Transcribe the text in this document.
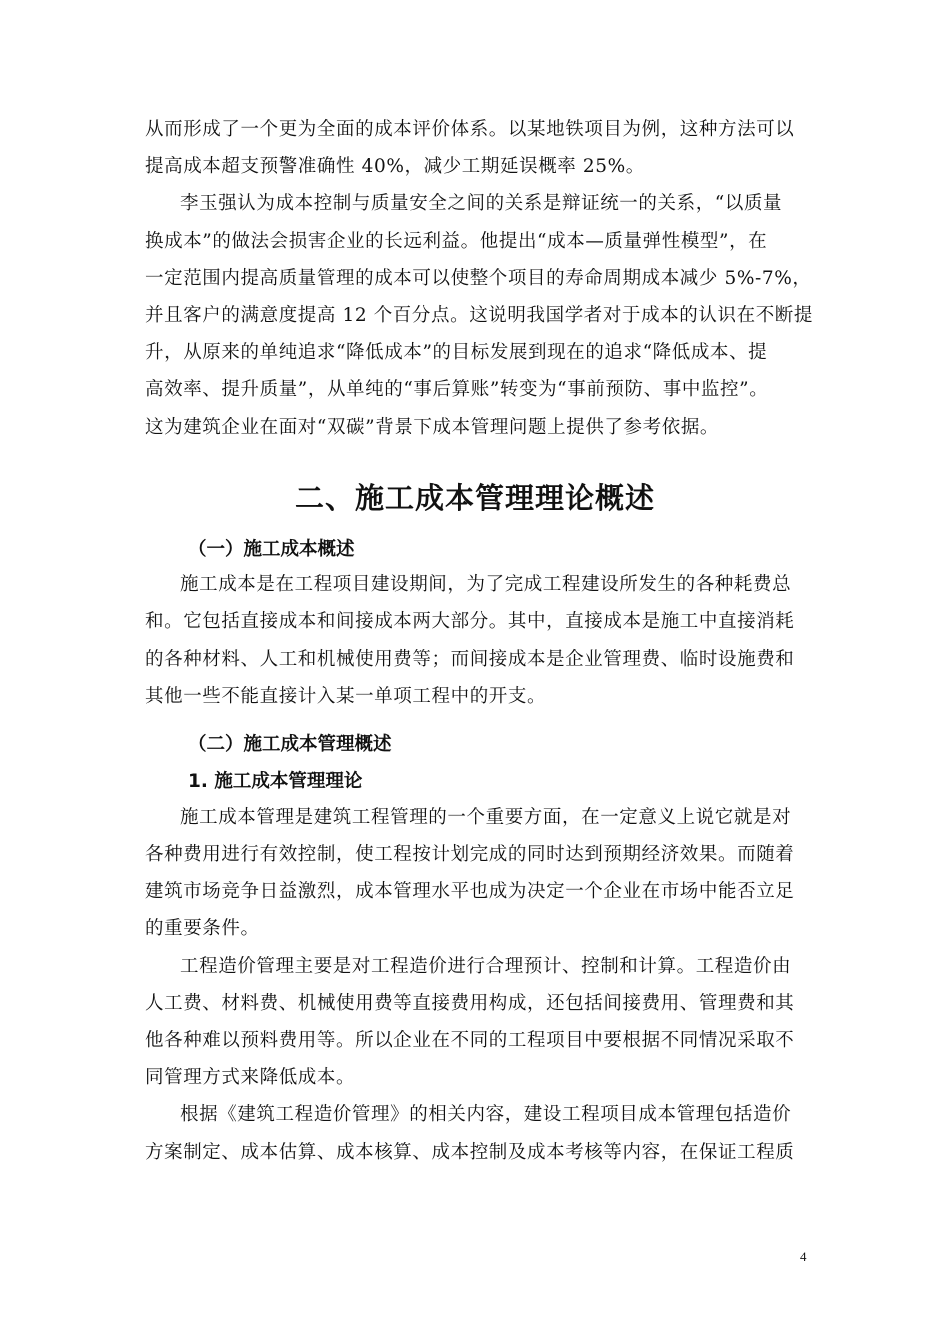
从而形成了一个更为全面的成本评价体系。以某地铁项目为例，这种方法可以
提高成本超支预警准确性 40%，减少工期延误概率 25%。
李玉强认为成本控制与质量安全之间的关系是辩证统一的关系，“以质量
换成本”的做法会损害企业的长远利益。他提出“成本—质量弹性模型”，在
一定范围内提高质量管理的成本可以使整个项目的寿命周期成本减少 5%-7%，
并且客户的满意度提高 12 个百分点。这说明我国学者对于成本的认识在不断提
升，从原来的单纯追求“降低成本”的目标发展到现在的追求“降低成本、提
高效率、提升质量”，从单纯的“事后算账”转变为“事前预防、事中监控”。
这为建筑企业在面对“双碳”背景下成本管理问题上提供了参考依据。
二、施工成本管理理论概述
（一）施工成本概述
施工成本是在工程项目建设期间，为了完成工程建设所发生的各种耗费总
和。它包括直接成本和间接成本两大部分。其中，直接成本是施工中直接消耗
的各种材料、人工和机械使用费等；而间接成本是企业管理费、临时设施费和
其他一些不能直接计入某一单项工程中的开支。
（二）施工成本管理概述
1. 施工成本管理理论
施工成本管理是建筑工程管理的一个重要方面，在一定意义上说它就是对
各种费用进行有效控制，使工程按计划完成的同时达到预期经济效果。而随着
建筑市场竞争日益激烈，成本管理水平也成为决定一个企业在市场中能否立足
的重要条件。
工程造价管理主要是对工程造价进行合理预计、控制和计算。工程造价由
人工费、材料费、机械使用费等直接费用构成，还包括间接费用、管理费和其
他各种难以预料费用等。所以企业在不同的工程项目中要根据不同情况采取不
同管理方式来降低成本。
根据《建筑工程造价管理》的相关内容，建设工程项目成本管理包括造价
方案制定、成本估算、成本核算、成本控制及成本考核等内容，在保证工程质
4
